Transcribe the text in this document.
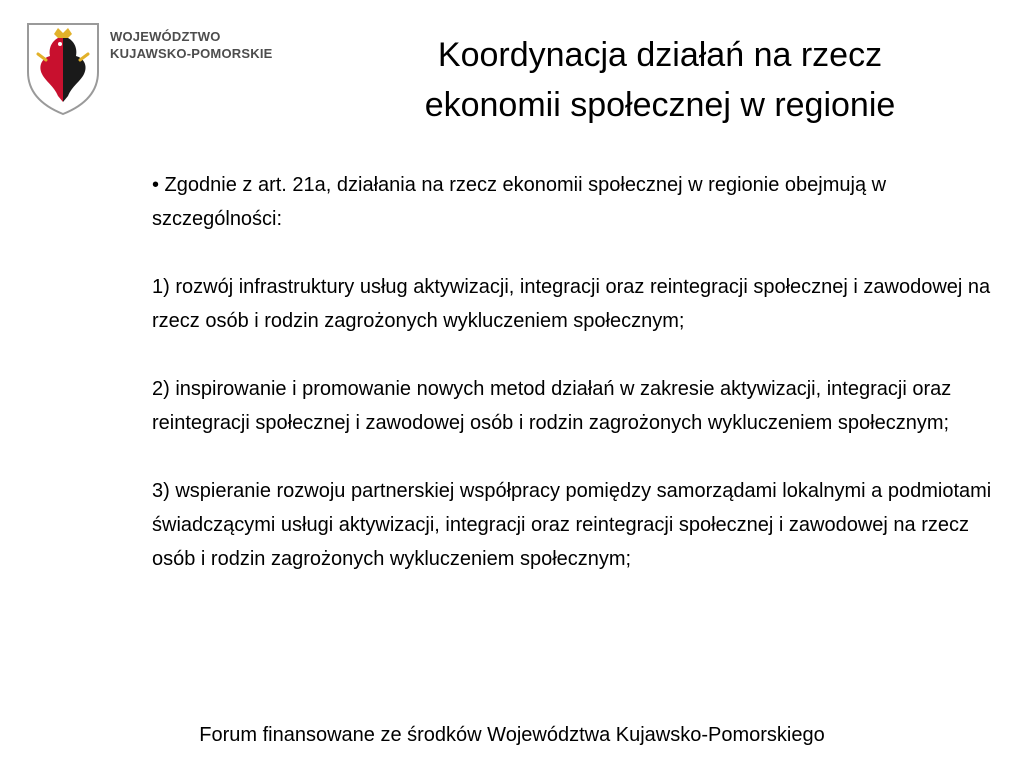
WOJEWÓDZTWO
KUJAWSKO-POMORSKIE	Koordynacja działań na rzecz
ekonomii społecznej w regionie

• Zgodnie z art. 21a, działania na rzecz ekonomii społecznej w regionie obejmują w szczególności:

1) rozwój infrastruktury usług aktywizacji, integracji oraz reintegracji społecznej i zawodowej na rzecz osób i rodzin zagrożonych wykluczeniem społecznym;

2) inspirowanie i promowanie nowych metod działań w zakresie aktywizacji, integracji oraz reintegracji społecznej i zawodowej osób i rodzin zagrożonych wykluczeniem społecznym;

3) wspieranie rozwoju partnerskiej współpracy pomiędzy samorządami lokalnymi a podmiotami świadczącymi usługi aktywizacji, integracji oraz reintegracji społecznej i zawodowej na rzecz osób i rodzin zagrożonych wykluczeniem społecznym;

Forum finansowane ze środków Województwa Kujawsko-Pomorskiego
